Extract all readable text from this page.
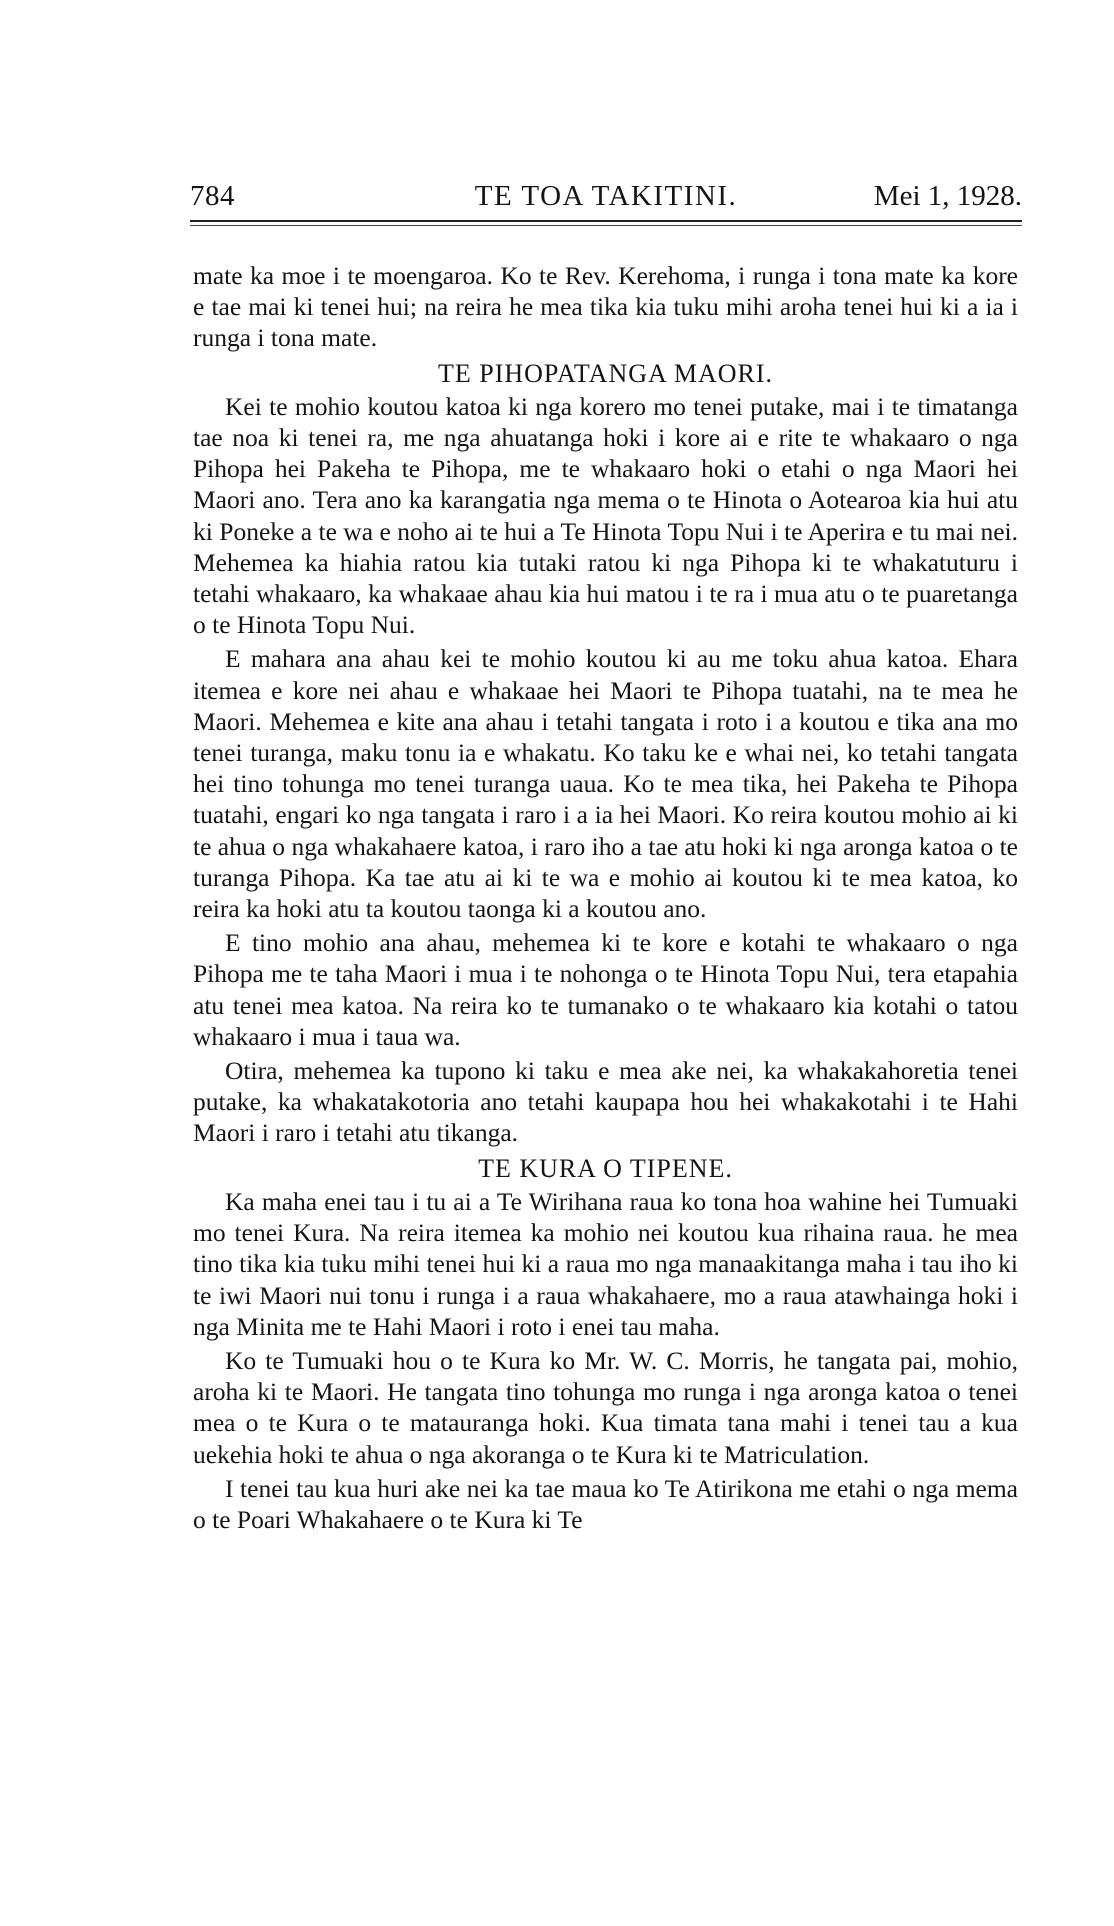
784	TE TOA TAKITINI.	Mei 1, 1928.

mate ka moe i te moengaroa. Ko te Rev. Kerehoma, i runga i tona mate ka kore e tae mai ki tenei hui; na reira he mea tika kia tuku mihi aroha tenei hui ki a ia i runga i tona mate.

TE PIHOPATANGA MAORI.

Kei te mohio koutou katoa ki nga korero mo tenei putake, mai i te timatanga tae noa ki tenei ra, me nga ahuatanga hoki i kore ai e rite te whakaaro o nga Pihopa hei Pakeha te Pihopa, me te whakaaro hoki o etahi o nga Maori hei Maori ano. Tera ano ka karangatia nga mema o te Hinota o Aotearoa kia hui atu ki Poneke a te wa e noho ai te hui a Te Hinota Topu Nui i te Aperira e tu mai nei. Mehemea ka hiahia ratou kia tutaki ratou ki nga Pihopa ki te whakatuturu i tetahi whakaaro, ka whakaae ahau kia hui matou i te ra i mua atu o te puaretanga o te Hinota Topu Nui.

E mahara ana ahau kei te mohio koutou ki au me toku ahua katoa. Ehara itemea e kore nei ahau e whakaae hei Maori te Pihopa tuatahi, na te mea he Maori. Mehemea e kite ana ahau i tetahi tangata i roto i a koutou e tika ana mo tenei turanga, maku tonu ia e whakatu. Ko taku ke e whai nei, ko tetahi tangata hei tino tohunga mo tenei turanga uaua. Ko te mea tika, hei Pakeha te Pihopa tuatahi, engari ko nga tangata i raro i a ia hei Maori. Ko reira koutou mohio ai ki te ahua o nga whakahaere katoa, i raro iho a tae atu hoki ki nga aronga katoa o te turanga Pihopa. Ka tae atu ai ki te wa e mohio ai koutou ki te mea katoa, ko reira ka hoki atu ta koutou taonga ki a koutou ano.

E tino mohio ana ahau, mehemea ki te kore e kotahi te whakaaro o nga Pihopa me te taha Maori i mua i te nohonga o te Hinota Topu Nui, tera etapahia atu tenei mea katoa. Na reira ko te tumanako o te whakaaro kia kotahi o tatou whakaaro i mua i taua wa.

Otira, mehemea ka tupono ki taku e mea ake nei, ka whakakahoretia tenei putake, ka whakatakotoria ano tetahi kaupapa hou hei whakakotahi i te Hahi Maori i raro i tetahi atu tikanga.

TE KURA O TIPENE.

Ka maha enei tau i tu ai a Te Wirihana raua ko tona hoa wahine hei Tumuaki mo tenei Kura. Na reira itemea ka mohio nei koutou kua rihaina raua. he mea tino tika kia tuku mihi tenei hui ki a raua mo nga manaakitanga maha i tau iho ki te iwi Maori nui tonu i runga i a raua whakahaere, mo a raua atawhainga hoki i nga Minita me te Hahi Maori i roto i enei tau maha.

Ko te Tumuaki hou o te Kura ko Mr. W. C. Morris, he tangata pai, mohio, aroha ki te Maori. He tangata tino tohunga mo runga i nga aronga katoa o tenei mea o te Kura o te matauranga hoki. Kua timata tana mahi i tenei tau a kua uekehia hoki te ahua o nga akoranga o te Kura ki te Matriculation.

I tenei tau kua huri ake nei ka tae maua ko Te Atirikona me etahi o nga mema o te Poari Whakahaere o te Kura ki Te
